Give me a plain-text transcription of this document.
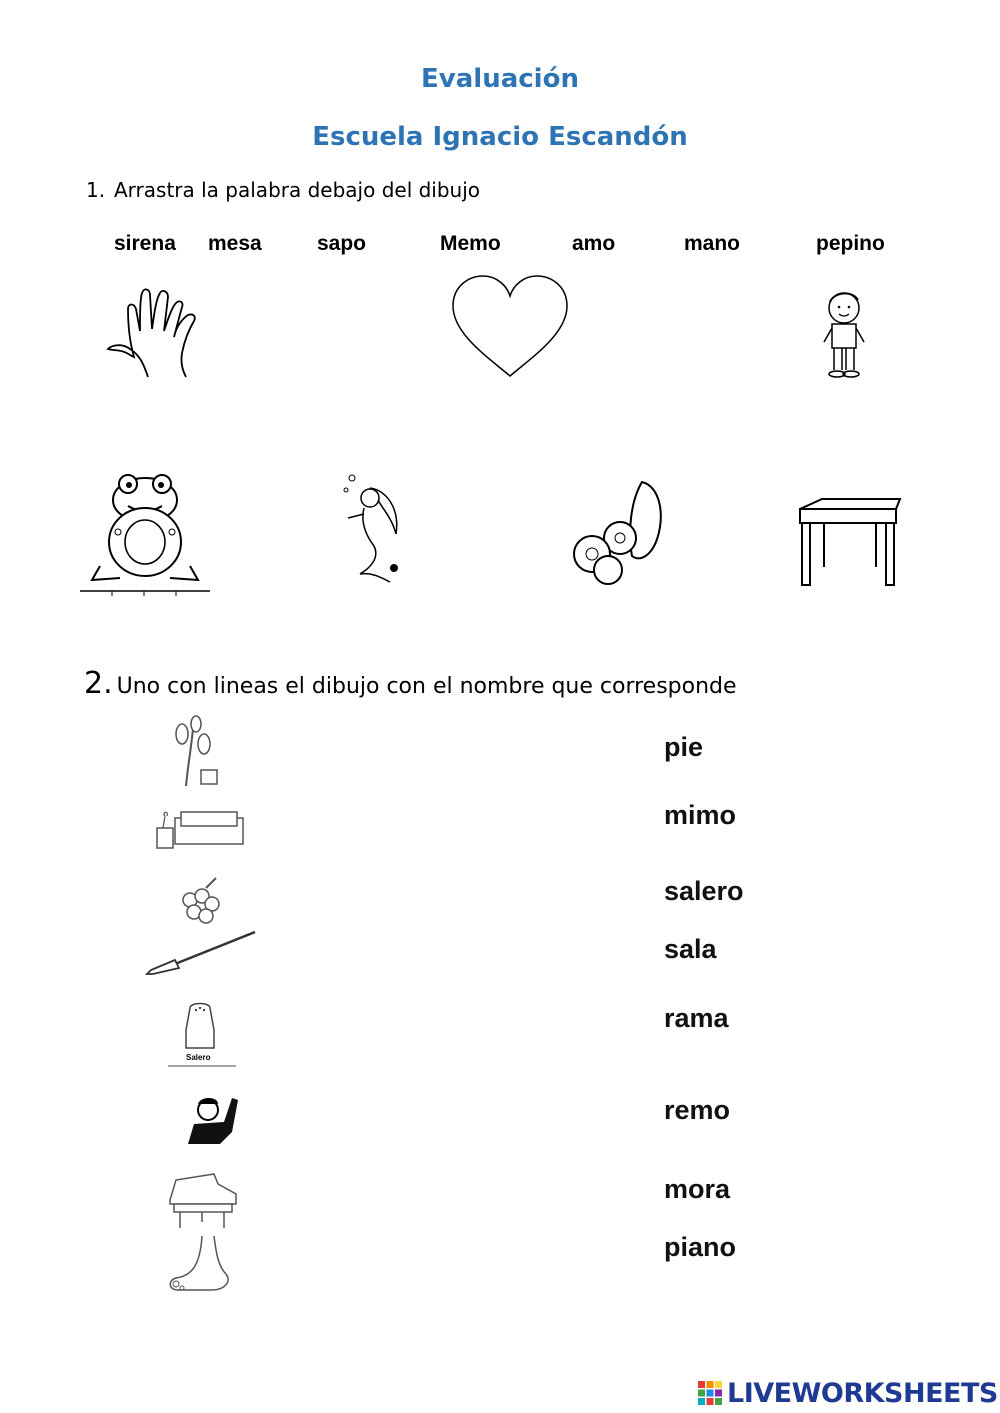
Evaluación
Escuela Ignacio Escandón
1. Arrastra la palabra debajo del dibujo
sirena mesa	sapo	Memo	amo	mano	pepino
2. Uno con lineas el dibujo con el nombre que corresponde
Salero
pie
mimo
salero
sala
rama
remo
mora
piano
LIVEWORKSHEETS
